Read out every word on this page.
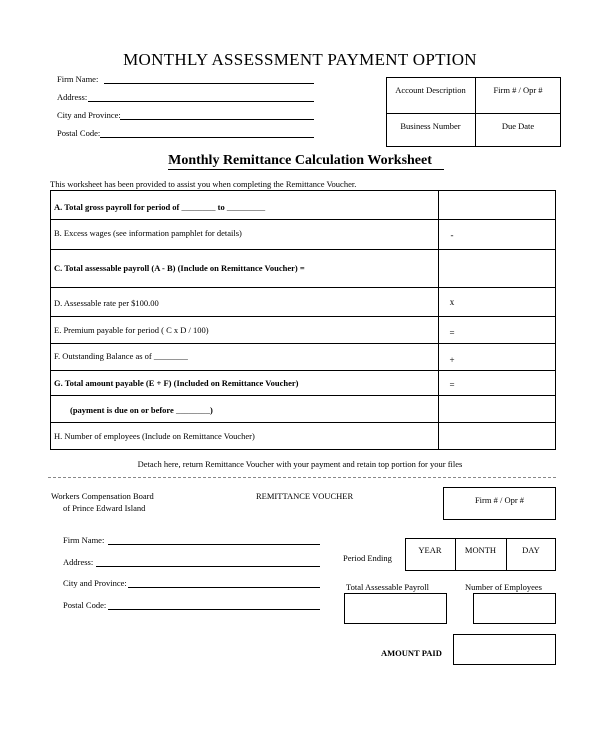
MONTHLY ASSESSMENT PAYMENT OPTION
Firm Name:
Address:
City and Province:
Postal Code:
Account Description	Firm # / Opr #
Business Number	Due Date
Monthly Remittance Calculation Worksheet
This worksheet has been provided to assist you when completing the Remittance Voucher.
A. Total gross payroll for period of ________ to _________
B. Excess wages (see information pamphlet for details)	-
C. Total assessable payroll (A - B) (Include on Remittance Voucher) =
D. Assessable rate per $100.00	x
E. Premium payable for period ( C x D / 100)	=
F. Outstanding Balance as of ________	+
G. Total amount payable (E + F) (Included on Remittance Voucher)	=
(payment is due on or before ________)
H. Number of employees (Include on Remittance Voucher)
Detach here, return Remittance Voucher with your payment and retain top portion for your files
Workers Compensation Board
of Prince Edward Island
REMITTANCE VOUCHER	Firm # / Opr #
Firm Name:
Address:
City and Province:
Postal Code:
Period Ending
YEAR	MONTH	DAY
Total Assessable Payroll	Number of Employees
AMOUNT PAID
